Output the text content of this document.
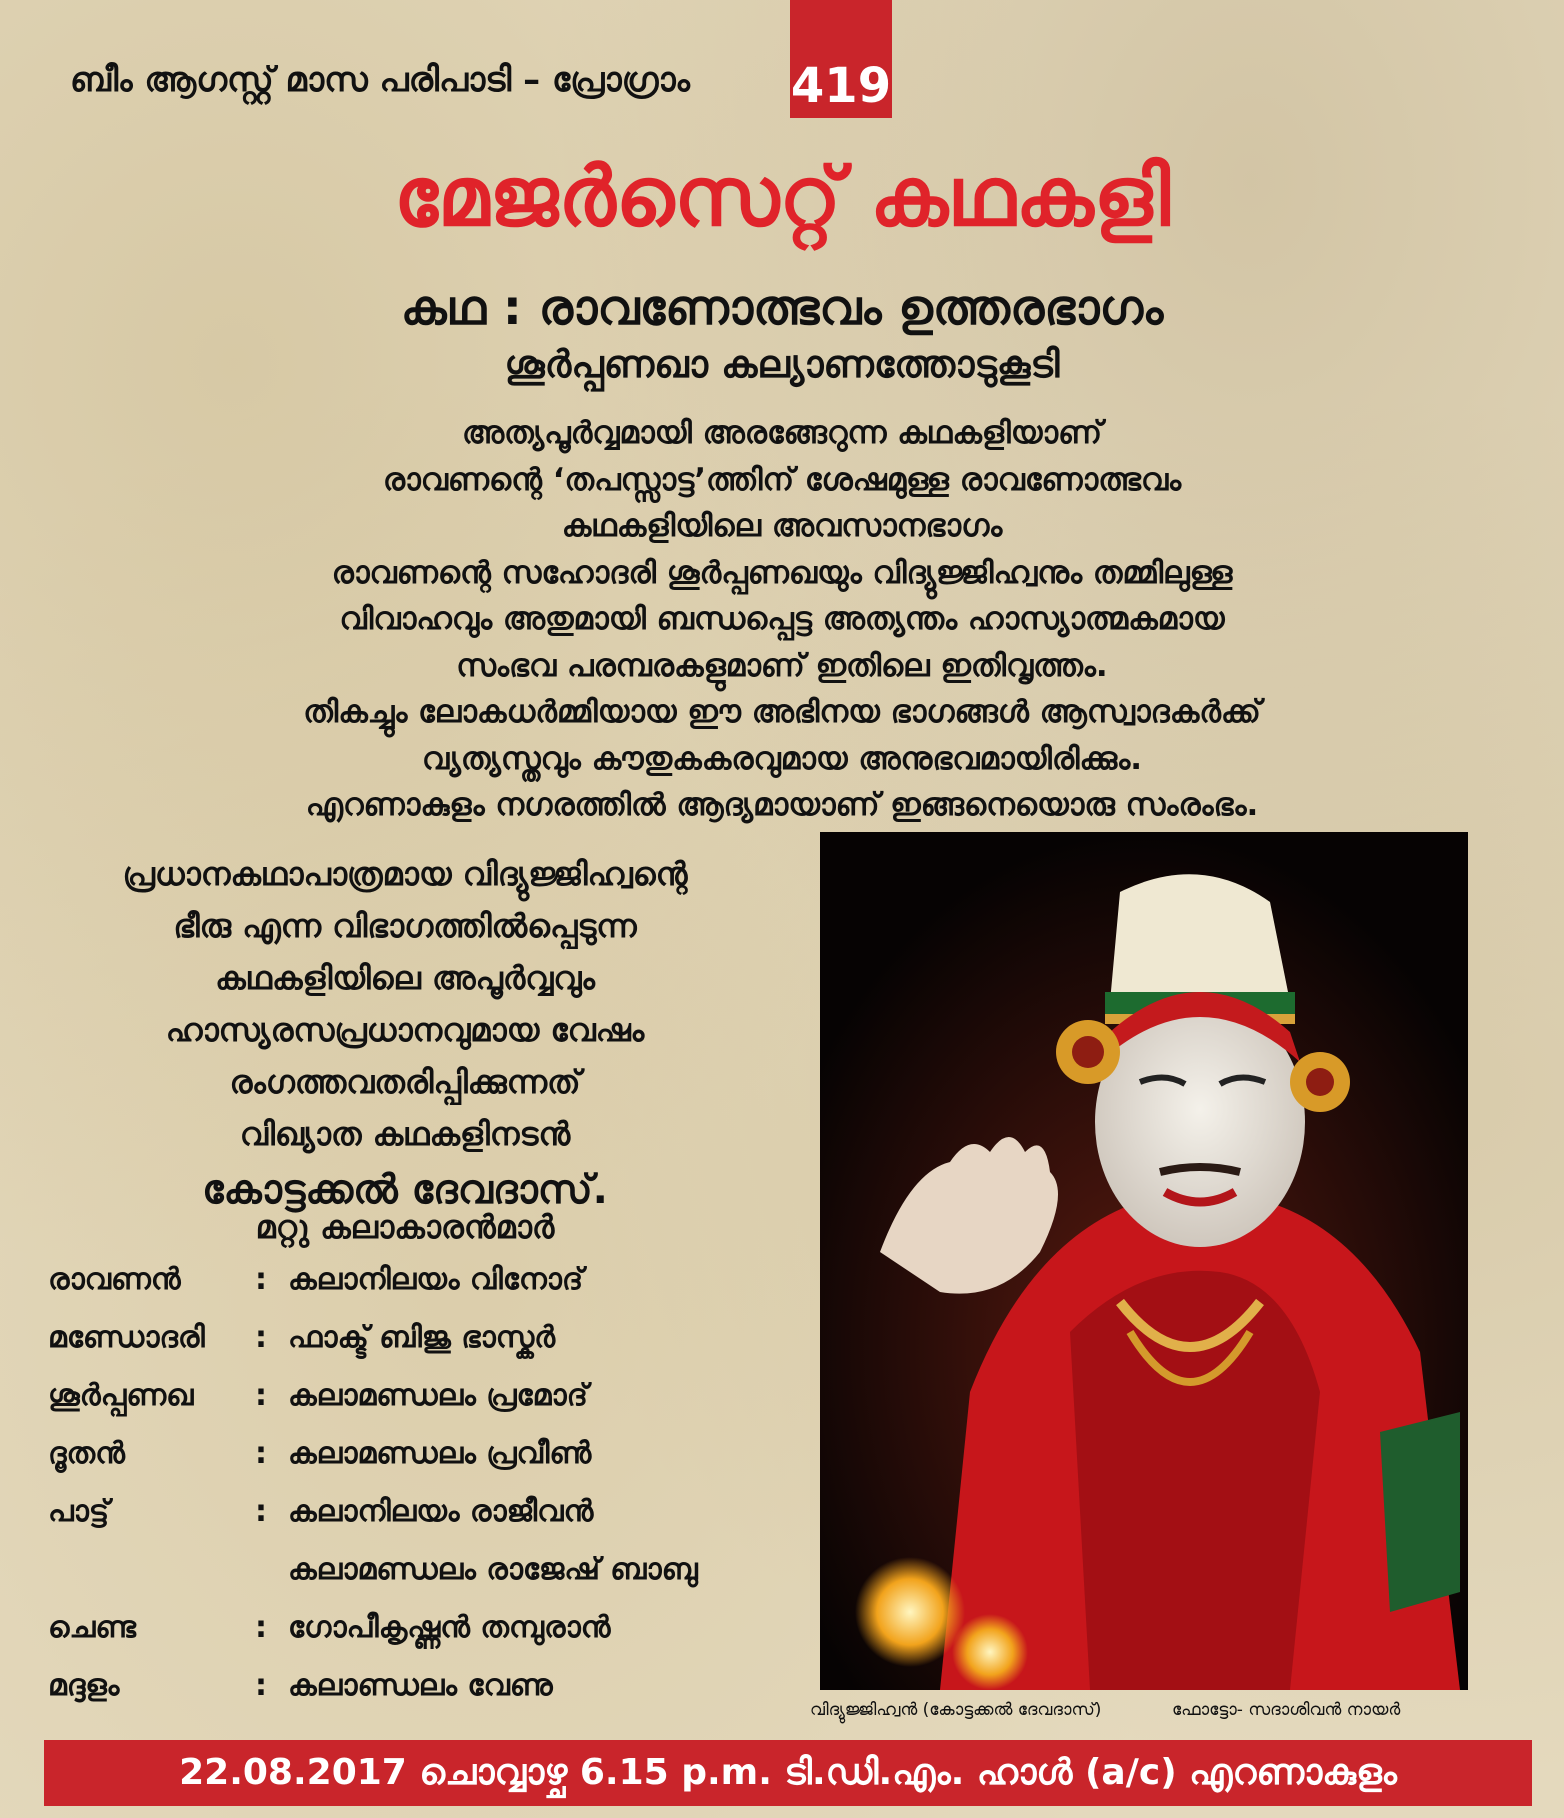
ബീം ആഗസ്റ്റ് മാസ പരിപാടി – പ്രോഗ്രാം 419
മേജർസെറ്റ് കഥകളി
കഥ : രാവണോത്ഭവം ഉത്തരഭാഗം
ശൂർപ്പണഖാ കല്യാണത്തോടുകൂടി
അത്യപൂർവ്വമായി അരങ്ങേറുന്ന കഥകളിയാണ്
രാവണന്റെ ‘തപസ്സാട്ട’ത്തിന് ശേഷമുള്ള രാവണോത്ഭവം
കഥകളിയിലെ അവസാനഭാഗം
രാവണന്റെ സഹോദരി ശൂർപ്പണഖയും വിദ്യുജ്ജിഹ്വനും തമ്മിലുള്ള
വിവാഹവും അതുമായി ബന്ധപ്പെട്ട അത്യന്തം ഹാസ്യാത്മകമായ
സംഭവ പരമ്പരകളുമാണ് ഇതിലെ ഇതിവൃത്തം.
തികച്ചും ലോകധർമ്മിയായ ഈ അഭിനയ ഭാഗങ്ങൾ ആസ്വാദകർക്ക്
വ്യത്യസ്തവും കൗതുകകരവുമായ അനുഭവമായിരിക്കും.
എറണാകുളം നഗരത്തിൽ ആദ്യമായാണ് ഇങ്ങനെയൊരു സംരംഭം.
പ്രധാനകഥാപാത്രമായ വിദ്യുജ്ജിഹ്വന്റെ
ഭീരു എന്ന വിഭാഗത്തിൽപ്പെടുന്ന
കഥകളിയിലെ അപൂർവ്വവും
ഹാസ്യരസപ്രധാനവുമായ വേഷം
രംഗത്തവതരിപ്പിക്കുന്നത്
വിഖ്യാത കഥകളിനടൻ
കോട്ടക്കൽ ദേവദാസ്.
മറ്റു കലാകാരൻമാർ
രാവണൻ : കലാനിലയം വിനോദ്
മണ്ഡോദരി : ഫാക്ട് ബിജു ഭാസ്കർ
ശൂർപ്പണഖ : കലാമണ്ഡലം പ്രമോദ്
ദൂതൻ	: കലാമണ്ഡലം പ്രവീൺ
പാട്ട്	: കലാനിലയം രാജീവൻ
കലാമണ്ഡലം രാജേഷ് ബാബു
ചെണ്ട	: ഗോപീകൃഷ്ണൻ തമ്പുരാൻ
മദ്ദളം	: കലാണ്ഡലം വേണു
വിദ്യുജ്ജിഹ്വൻ (കോട്ടക്കൽ ദേവദാസ്)	ഫോട്ടോ- സദാശിവൻ നായർ
22.08.2017 ചൊവ്വാഴ്ച 6.15 p.m. ടി.ഡി.എം. ഹാൾ (a/c) എറണാകുളം
